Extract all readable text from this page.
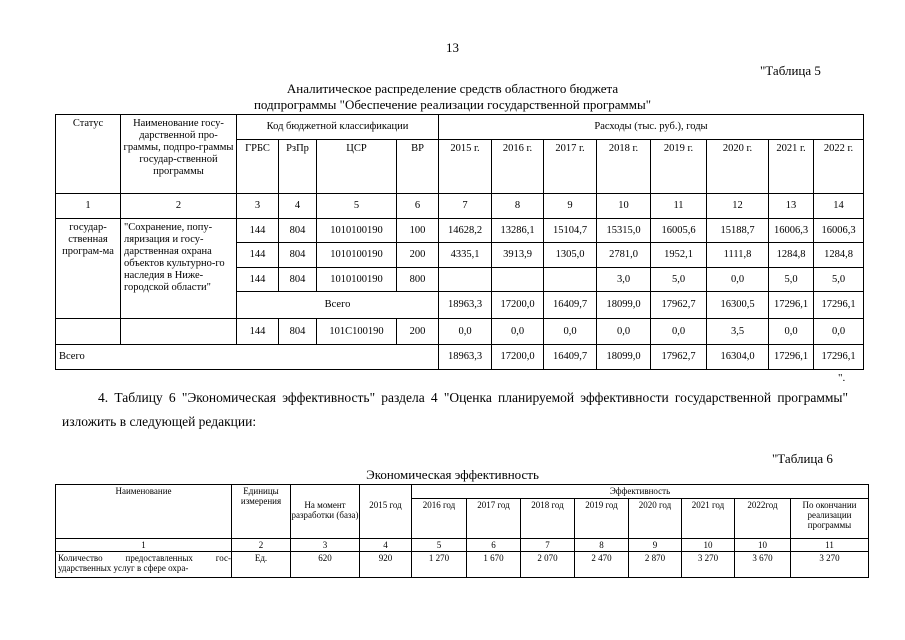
13
"Таблица 5
Аналитическое распределение средств областного бюджета
подпрограммы "Обеспечение реализации государственной программы"
Статус	Наименование госу-дарственной про-граммы, подпро-граммы государ-ственной программы	Код бюджетной классификации				Расходы (тыс. руб.), годы							
		ГРБС	РзПр	ЦСР	ВР	2015 г.	2016 г.	2017 г.	2018 г.	2019 г.	2020 г.	2021 г.	2022 г.
1	2	3	4	5	6	7	8	9	10	11	12	13	14
государ-ственная програм-ма	"Сохранение, попу-ляризация и госу-дарственная охрана объектов культурно-го наследия в Ниже-городской области"	144	804	1010100190	100	14628,2	13286,1	15104,7	15315,0	16005,6	15188,7	16006,3	16006,3
		144	804	1010100190	200	4335,1	3913,9	1305,0	2781,0	1952,1	1111,8	1284,8	1284,8
		144	804	1010100190	800				3,0	5,0	0,0	5,0	5,0
		Всего				18963,3	17200,0	16409,7	18099,0	17962,7	16300,5	17296,1	17296,1
		144	804	101С100190	200	0,0	0,0	0,0	0,0	0,0	3,5	0,0	0,0
Всего						18963,3	17200,0	16409,7	18099,0	17962,7	16304,0	17296,1	17296,1
".
4. Таблицу 6 "Экономическая эффективность" раздела 4 "Оценка планируемой эффективности государственной программы" изложить в следующей редакции:
"Таблица 6
Экономическая эффективность
Наименование	Единицы измерения			Эффективность							
		На момент разработки (база)	2015 год	2016 год	2017 год	2018 год	2019 год	2020 год	2021 год	2022год	По окончании реализации программы
1	2	3	4	5	6	7	8	9	10	10	11
Количество предоставленных гос-ударственных услуг в сфере охра-	Ед.	620	920	1 270	1 670	2 070	2 470	2 870	3 270	3 670	3 270
